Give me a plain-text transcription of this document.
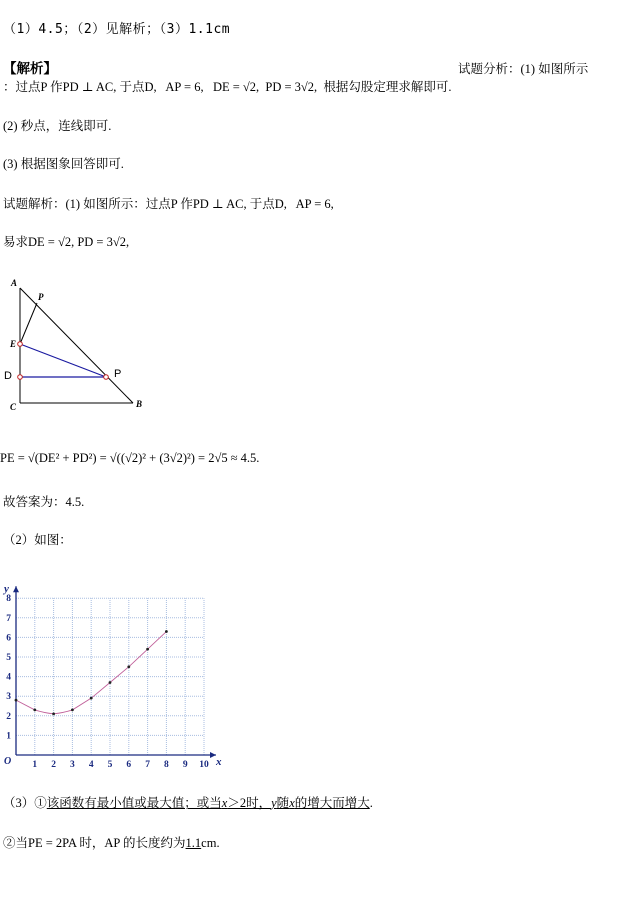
（1）4.5；（2）见解析；（3）1.1cm
【解析】	试题分析：(1) 如图所示
：过点P 作PD ⊥ AC, 于点D, AP = 6, DE = √2, PD = 3√2, 根据勾股定理求解即可.
(2) 秒点，连线即可.
(3) 根据图象回答即可.
试题解析：(1) 如图所示：过点P 作PD ⊥ AC, 于点D, AP = 6,
易求DE = √2, PD = 3√2,
A
P
E
D	P
C	B
PE = √(DE² + PD²) = √((√2)² + (3√2)²) = 2√5 ≈ 4.5.
故答案为：4.5.
（2）如图：
1 2 3 4 5 6 7 8 9 10
1
2
3
4
5
6
7
8
O	x
y
（3）①该函数有最小值或最大值；或当x＞2时，y随x的增大而增大.
②当PE = 2PA 时，AP 的长度约为1.1cm.
